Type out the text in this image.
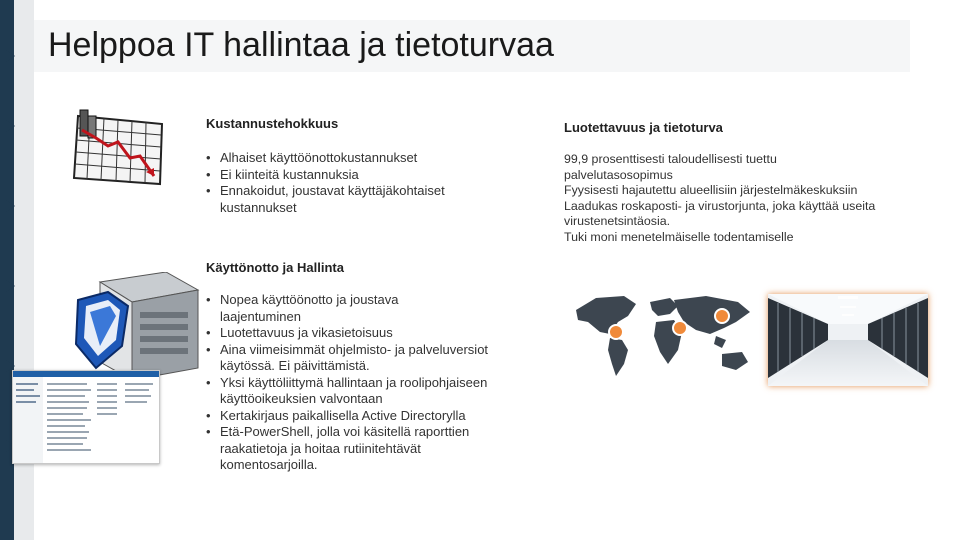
Helppoa IT hallintaa ja tietoturvaa
Kustannustehokkuus
• Alhaiset käyttöönottokustannukset
• Ei kiinteitä kustannuksia
• Ennakoidut, joustavat käyttäjäkohtaiset kustannukset
Käyttönotto ja Hallinta
• Nopea käyttöönotto ja joustava laajentuminen
• Luotettavuus ja vikasietoisuus
• Aina viimeisimmät ohjelmisto- ja palveluversiot käytössä. Ei päivittämistä.
• Yksi käyttöliittymä hallintaan ja roolipohjaiseen käyttöoikeuksien valvontaan
• Kertakirjaus paikallisella Active Directorylla
• Etä-PowerShell, jolla voi käsitellä raporttien raakatietoja ja hoitaa rutiinitehtävät komentosarjoilla.
Luotettavuus ja tietoturva
99,9 prosenttisesti taloudellisesti tuettu palvelutasosopimus
Fyysisesti hajautettu alueellisiin järjestelmäkeskuksiin
Laadukas roskaposti- ja virustorjunta, joka käyttää useita virustenetsintäosia.
Tuki moni menetelmäiselle todentamiselle
